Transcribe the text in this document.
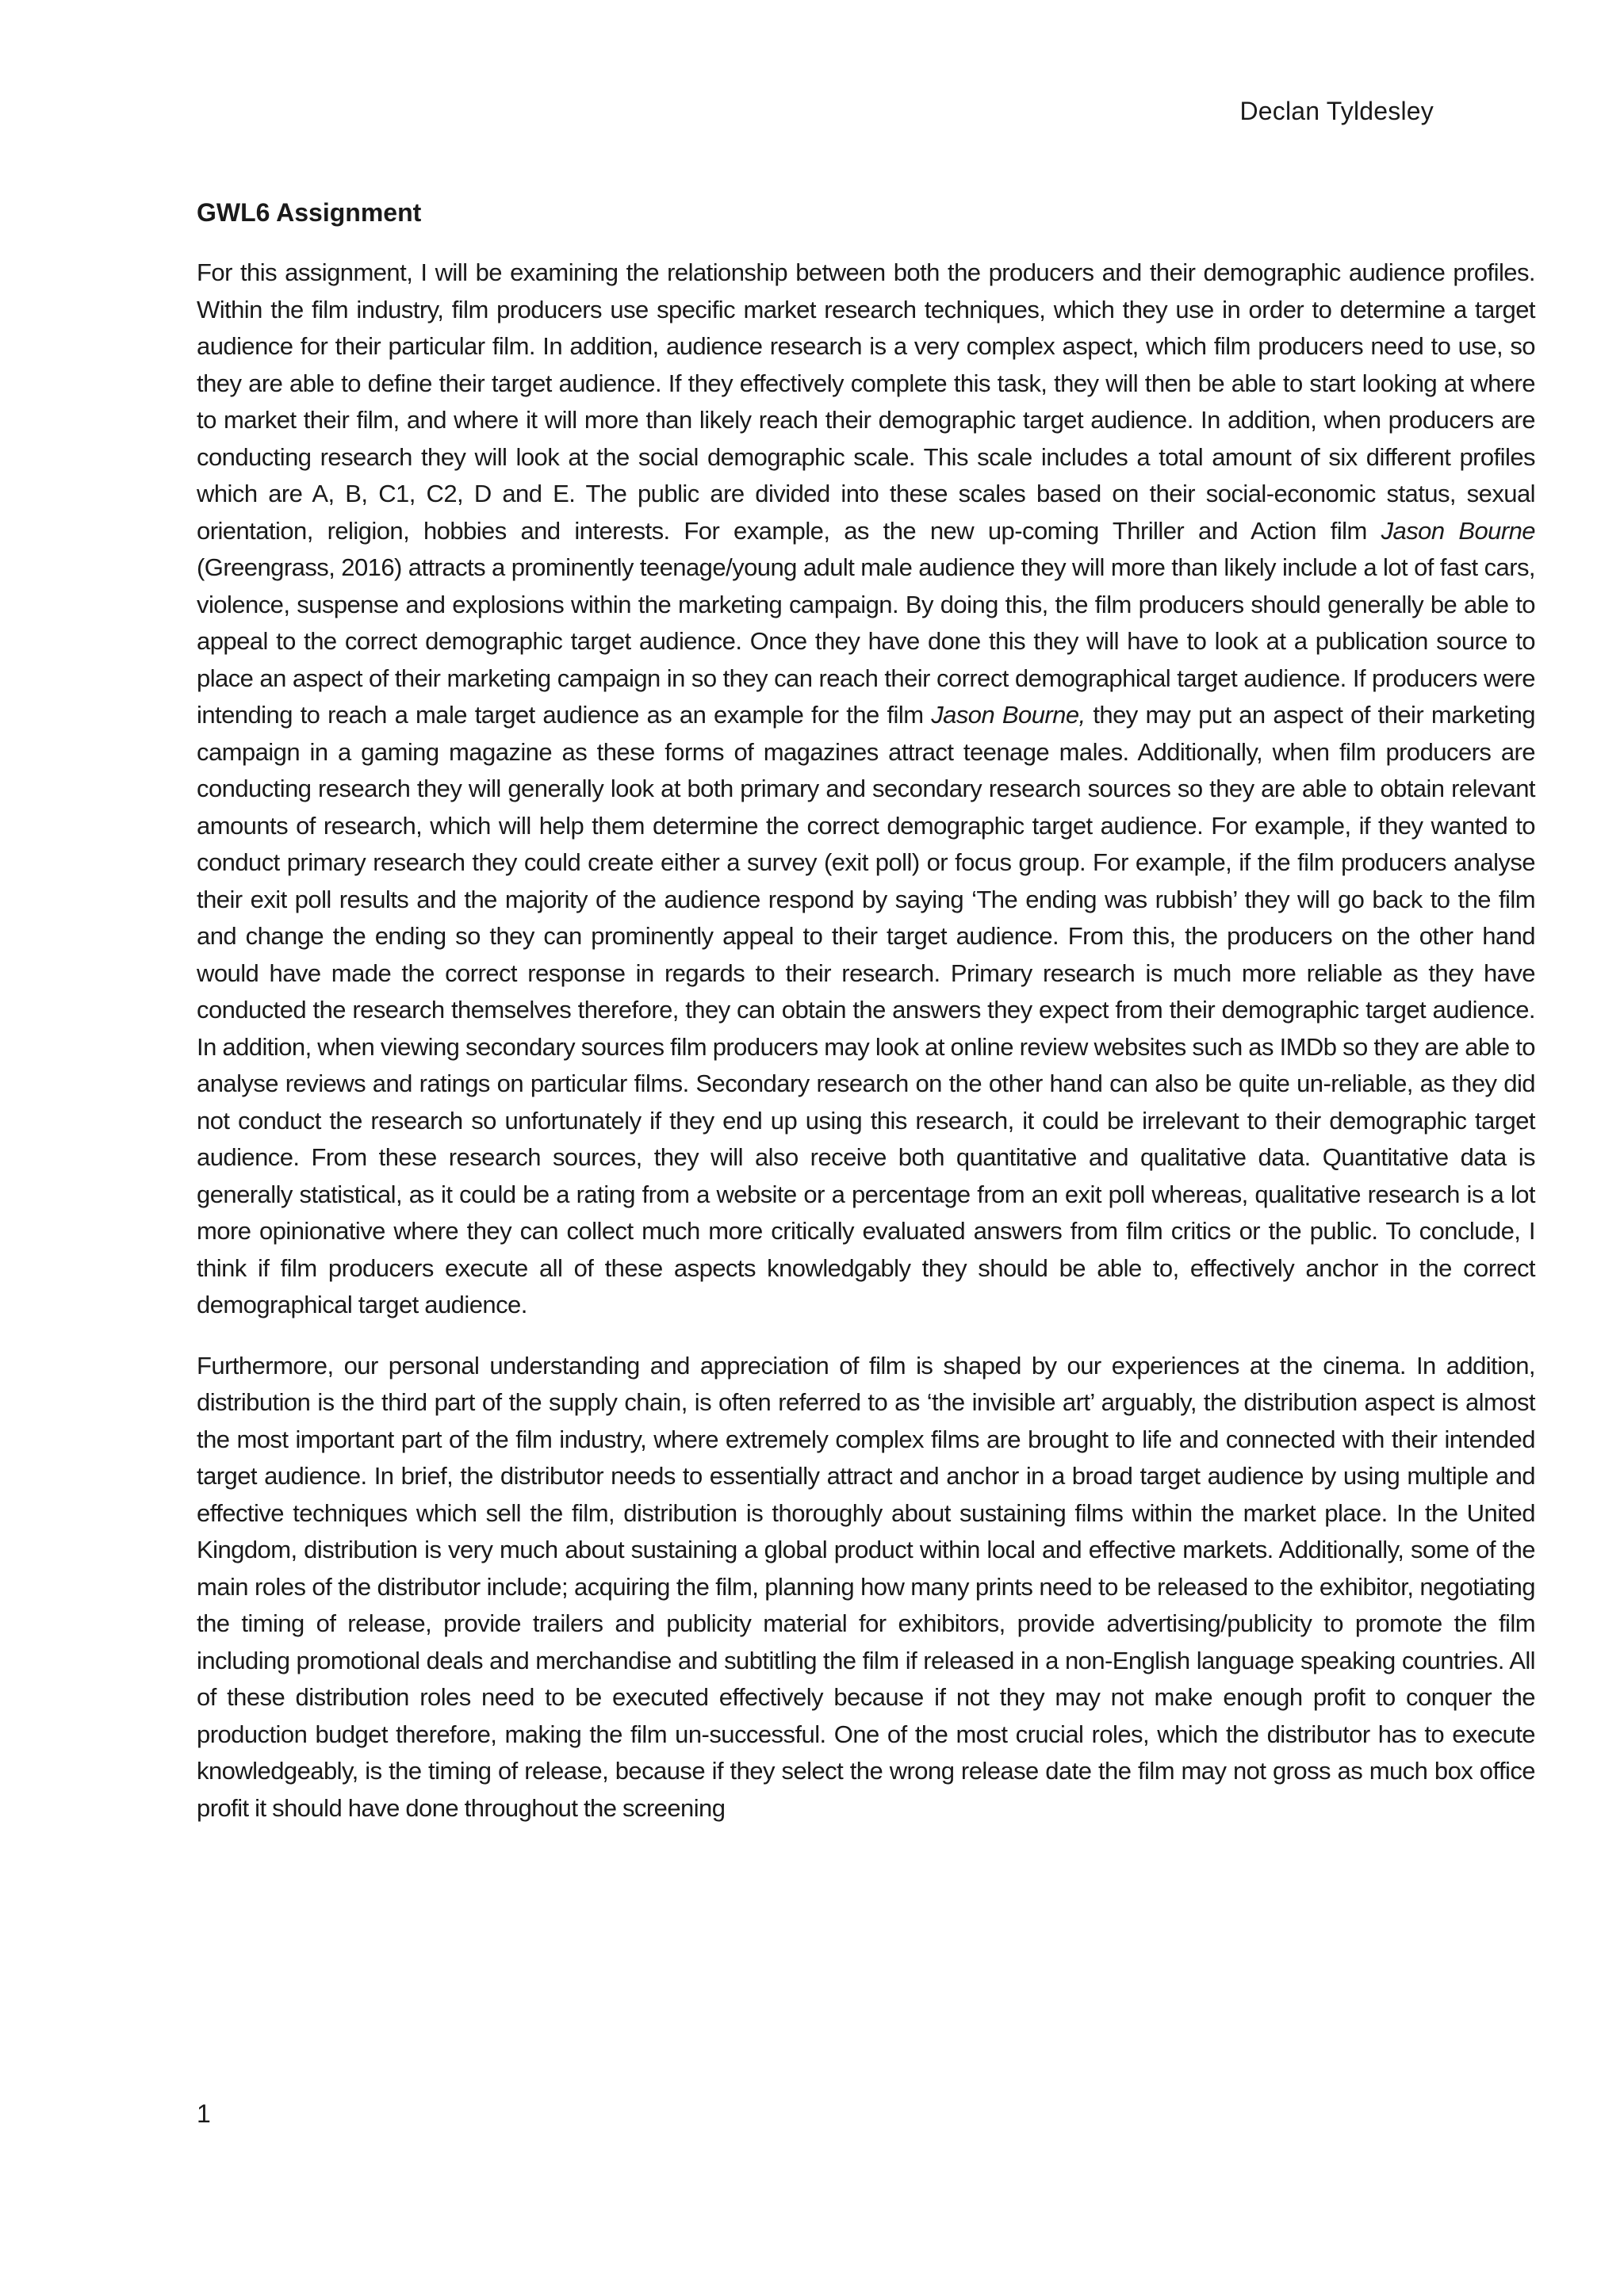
Declan Tyldesley
GWL6 Assignment

For this assignment, I will be examining the relationship between both the producers and their demographic audience profiles. Within the film industry, film producers use specific market research techniques, which they use in order to determine a target audience for their particular film. In addition, audience research is a very complex aspect, which film producers need to use, so they are able to define their target audience. If they effectively complete this task, they will then be able to start looking at where to market their film, and where it will more than likely reach their demographic target audience. In addition, when producers are conducting research they will look at the social demographic scale. This scale includes a total amount of six different profiles which are A, B, C1, C2, D and E. The public are divided into these scales based on their social-economic status, sexual orientation, religion, hobbies and interests. For example, as the new up-coming Thriller and Action film Jason Bourne (Greengrass, 2016) attracts a prominently teenage/young adult male audience they will more than likely include a lot of fast cars, violence, suspense and explosions within the marketing campaign. By doing this, the film producers should generally be able to appeal to the correct demographic target audience. Once they have done this they will have to look at a publication source to place an aspect of their marketing campaign in so they can reach their correct demographical target audience. If producers were intending to reach a male target audience as an example for the film Jason Bourne, they may put an aspect of their marketing campaign in a gaming magazine as these forms of magazines attract teenage males. Additionally, when film producers are conducting research they will generally look at both primary and secondary research sources so they are able to obtain relevant amounts of research, which will help them determine the correct demographic target audience. For example, if they wanted to conduct primary research they could create either a survey (exit poll) or focus group. For example, if the film producers analyse their exit poll results and the majority of the audience respond by saying ‘The ending was rubbish’ they will go back to the film and change the ending so they can prominently appeal to their target audience. From this, the producers on the other hand would have made the correct response in regards to their research. Primary research is much more reliable as they have conducted the research themselves therefore, they can obtain the answers they expect from their demographic target audience. In addition, when viewing secondary sources film producers may look at online review websites such as IMDb so they are able to analyse reviews and ratings on particular films. Secondary research on the other hand can also be quite un-reliable, as they did not conduct the research so unfortunately if they end up using this research, it could be irrelevant to their demographic target audience. From these research sources, they will also receive both quantitative and qualitative data. Quantitative data is generally statistical, as it could be a rating from a website or a percentage from an exit poll whereas, qualitative research is a lot more opinionative where they can collect much more critically evaluated answers from film critics or the public. To conclude, I think if film producers execute all of these aspects knowledgably they should be able to, effectively anchor in the correct demographical target audience.

Furthermore, our personal understanding and appreciation of film is shaped by our experiences at the cinema. In addition, distribution is the third part of the supply chain, is often referred to as ‘the invisible art’ arguably, the distribution aspect is almost the most important part of the film industry, where extremely complex films are brought to life and connected with their intended target audience. In brief, the distributor needs to essentially attract and anchor in a broad target audience by using multiple and effective techniques which sell the film, distribution is thoroughly about sustaining films within the market place. In the United Kingdom, distribution is very much about sustaining a global product within local and effective markets. Additionally, some of the main roles of the distributor include; acquiring the film, planning how many prints need to be released to the exhibitor, negotiating the timing of release, provide trailers and publicity material for exhibitors, provide advertising/publicity to promote the film including promotional deals and merchandise and subtitling the film if released in a non-English language speaking countries. All of these distribution roles need to be executed effectively because if not they may not make enough profit to conquer the production budget therefore, making the film un-successful. One of the most crucial roles, which the distributor has to execute knowledgeably, is the timing of release, because if they select the wrong release date the film may not gross as much box office profit it should have done throughout the screening

1
